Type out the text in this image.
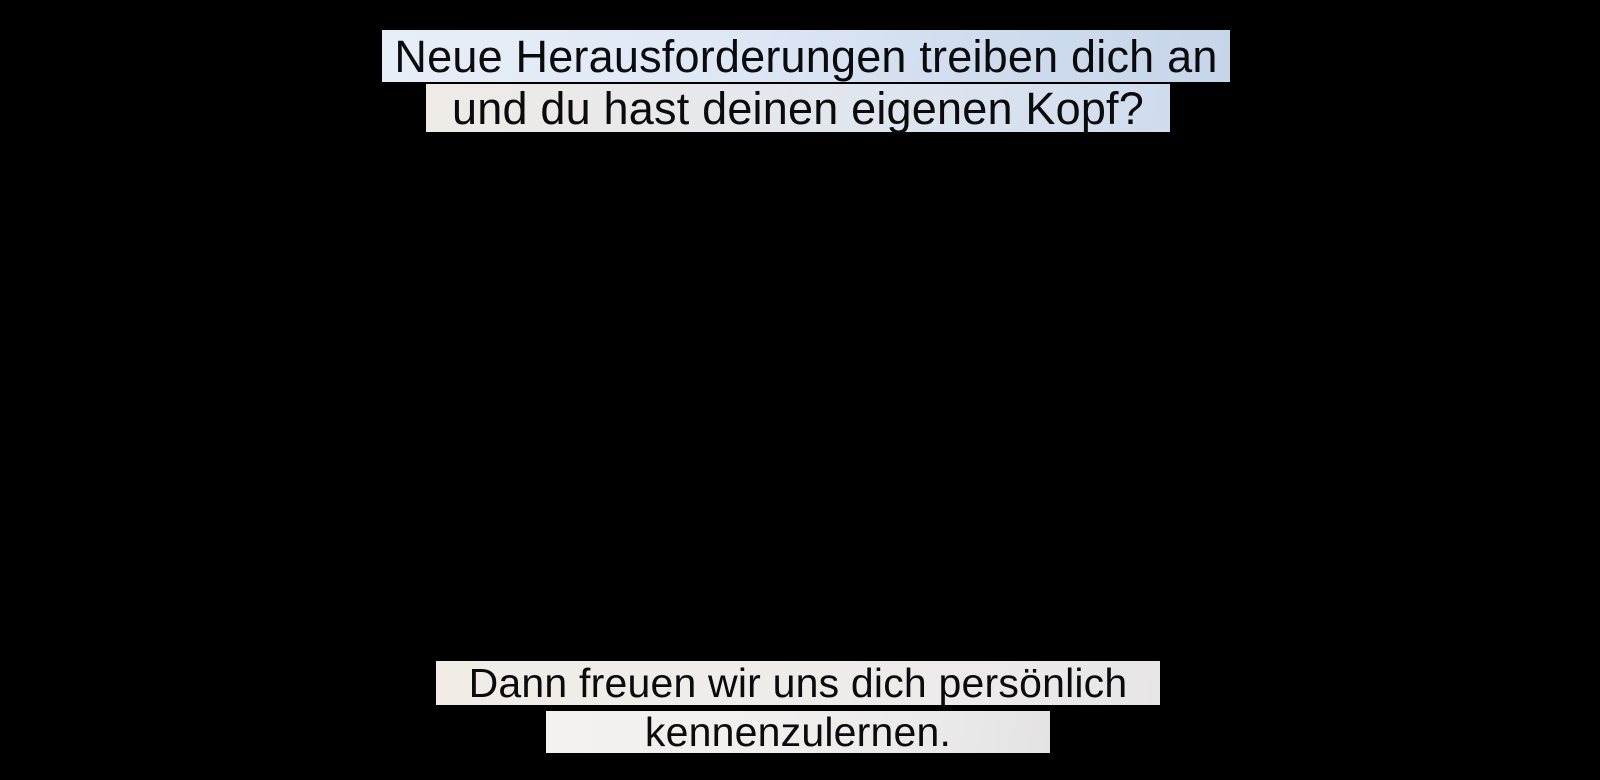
Neue Herausforderungen treiben dich an
und du hast deinen eigenen Kopf?
Dann freuen wir uns dich persönlich
kennenzulernen.
